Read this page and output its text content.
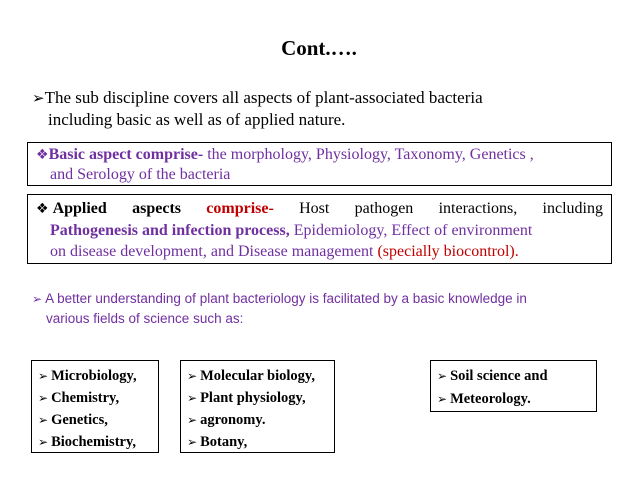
Cont.….
➢The sub discipline covers all aspects of plant-associated bacteria
including basic as well as of applied nature.
❖Basic aspect comprise- the morphology, Physiology, Taxonomy, Genetics ,
and Serology of the bacteria
❖ Applied aspects comprise- Host pathogen interactions, including
Pathogenesis and infection process, Epidemiology, Effect of environment
on disease development, and Disease management (specially biocontrol).
➢ A better understanding of plant bacteriology is facilitated by a basic knowledge in
various fields of science such as:
➢ Microbiology,
➢ Chemistry,
➢ Genetics,
➢ Biochemistry,
➢ Molecular biology,
➢ Plant physiology,
➢ agronomy.
➢ Botany,
➢ Soil science and
➢ Meteorology.
